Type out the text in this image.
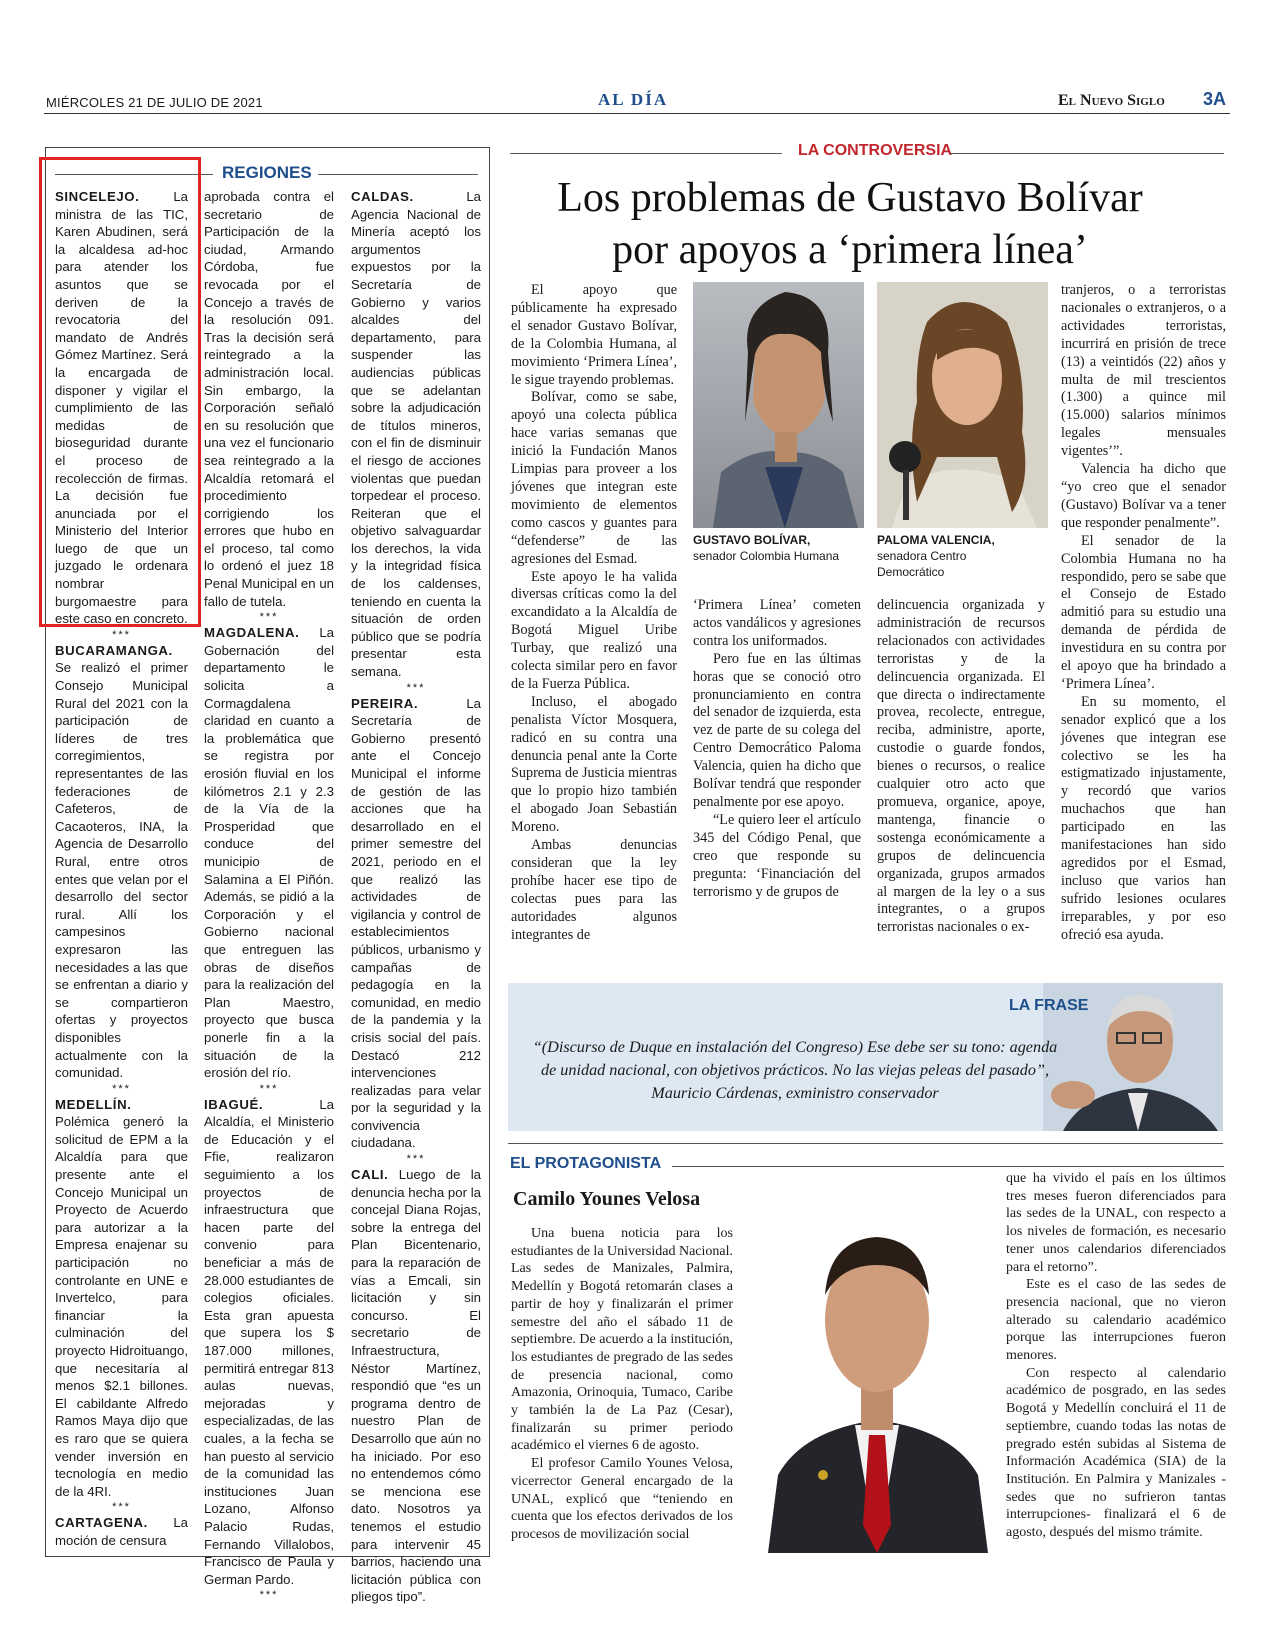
MIÉRCOLES 21 DE JULIO DE 2021	AL DÍA	El Nuevo Siglo 3A
REGIONES

SINCELEJO. La ministra de las TIC, Karen Abudinen, será la alcaldesa ad-hoc para atender los asuntos que se deriven de la revocatoria del mandato de Andrés Gómez Martínez. Será la encargada de disponer y vigilar el cumplimiento de las medidas de bioseguridad durante el proceso de recolección de firmas. La decisión fue anunciada por el Ministerio del Interior luego de que un juzgado le ordenara nombrar burgomaestre para este caso en concreto.

***

BUCARAMANGA. Se realizó el primer Consejo Municipal Rural del 2021 con la participación de líderes de tres corregimientos, representantes de las federaciones de Cafeteros, de Cacaoteros, INA, la Agencia de Desarrollo Rural, entre otros entes que velan por el desarrollo del sector rural. Allí los campesinos expresaron las necesidades a las que se enfrentan a diario y se compartieron ofertas y proyectos disponibles actualmente con la comunidad.

***

MEDELLÍN. Polémica generó la solicitud de EPM a la Alcaldía para que presente ante el Concejo Municipal un Proyecto de Acuerdo para autorizar a la Empresa enajenar su participación no controlante en UNE e Invertelco, para financiar la culminación del proyecto Hidroituango, que necesitaría al menos $2.1 billones. El cabildante Alfredo Ramos Maya dijo que es raro que se quiera vender inversión en tecnología en medio de la 4RI.

***

CARTAGENA. La moción de censura

aprobada contra el secretario de Participación de la ciudad, Armando Córdoba, fue revocada por el Concejo a través de la resolución 091. Tras la decisión será reintegrado a la administración local. Sin embargo, la Corporación señaló en su resolución que una vez el funcionario sea reintegrado a la Alcaldía retomará el procedimiento corrigiendo los errores que hubo en el proceso, tal como lo ordenó el juez 18 Penal Municipal en un fallo de tutela.

***

MAGDALENA. La Gobernación del departamento le solicita a Cormagdalena claridad en cuanto a la problemática que se registra por erosión fluvial en los kilómetros 2.1 y 2.3 de la Vía de la Prosperidad que conduce del municipio de Salamina a El Piñón. Además, se pidió a la Corporación y el Gobierno nacional que entreguen las obras de diseños para la realización del Plan Maestro, proyecto que busca ponerle fin a la situación de la erosión del río.

***

IBAGUÉ. La Alcaldía, el Ministerio de Educación y el Ffie, realizaron seguimiento a los proyectos de infraestructura que hacen parte del convenio para beneficiar a más de 28.000 estudiantes de colegios oficiales. Esta gran apuesta que supera los $ 187.000 millones, permitirá entregar 813 aulas nuevas, mejoradas y especializadas, de las cuales, a la fecha se han puesto al servicio de la comunidad las instituciones Juan Lozano, Alfonso Palacio Rudas, Fernando Villalobos, Francisco de Paula y German Pardo.

***

CALDAS. La Agencia Nacional de Minería aceptó los argumentos expuestos por la Secretaría de Gobierno y varios alcaldes del departamento, para suspender las audiencias públicas que se adelantan sobre la adjudicación de títulos mineros, con el fin de disminuir el riesgo de acciones violentas que puedan torpedear el proceso. Reiteran que el objetivo salvaguardar los derechos, la vida y la integridad física de los caldenses, teniendo en cuenta la situación de orden público que se podría presentar esta semana.

***

PEREIRA. La Secretaría de Gobierno presentó ante el Concejo Municipal el informe de gestión de las acciones que ha desarrollado en el primer semestre del 2021, periodo en el que realizó las actividades de vigilancia y control de establecimientos públicos, urbanismo y campañas de pedagogía en la comunidad, en medio de la pandemia y la crisis social del país. Destacó 212 intervenciones realizadas para velar por la seguridad y la convivencia ciudadana.

***

CALI. Luego de la denuncia hecha por la concejal Diana Rojas, sobre la entrega del Plan Bicentenario, para la reparación de vías a Emcali, sin licitación y sin concurso. El secretario de Infraestructura, Néstor Martínez, respondió que “es un programa dentro de nuestro Plan de Desarrollo que aún no ha iniciado. Por eso no entendemos cómo se menciona ese dato. Nosotros ya tenemos el estudio para intervenir 45 barrios, haciendo una licitación pública con pliegos tipo”.

LA CONTROVERSIA
Los problemas de Gustavo Bolívar
por apoyos a ‘primera línea’

El apoyo que públicamente ha expresado el senador Gustavo Bolívar, de la Colombia Humana, al movimiento ‘Primera Línea’, le sigue trayendo problemas.

Bolívar, como se sabe, apoyó una colecta pública hace varias semanas que inició la Fundación Manos Limpias para proveer a los jóvenes que integran este movimiento de elementos como cascos y guantes para “defenderse” de las agresiones del Esmad.

Este apoyo le ha valida diversas críticas como la del excandidato a la Alcaldía de Bogotá Miguel Uribe Turbay, que realizó una colecta similar pero en favor de la Fuerza Pública.

Incluso, el abogado penalista Víctor Mosquera, radicó en su contra una denuncia penal ante la Corte Suprema de Justicia mientras que lo propio hizo también el abogado Joan Sebastián Moreno.

Ambas denuncias consideran que la ley prohíbe hacer ese tipo de colectas pues para las autoridades algunos integrantes de

GUSTAVO BOLÍVAR,
senador Colombia Humana
PALOMA VALENCIA,
senadora Centro Democrático

‘Primera Línea’ cometen actos vandálicos y agresiones contra los uniformados.

Pero fue en las últimas horas que se conoció otro pronunciamiento en contra del senador de izquierda, esta vez de parte de su colega del Centro Democrático Paloma Valencia, quien ha dicho que Bolívar tendrá que responder penalmente por ese apoyo.

“Le quiero leer el artículo 345 del Código Penal, que creo que responde su pregunta: ‘Financiación del terrorismo y de grupos de

delincuencia organizada y administración de recursos relacionados con actividades terroristas y de la delincuencia organizada. El que directa o indirectamente provea, recolecte, entregue, reciba, administre, aporte, custodie o guarde fondos, bienes o recursos, o realice cualquier otro acto que promueva, organice, apoye, mantenga, financie o sostenga económicamente a grupos de delincuencia organizada, grupos armados al margen de la ley o a sus integrantes, o a grupos terroristas nacionales o ex-

tranjeros, o a terroristas nacionales o extranjeros, o a actividades terroristas, incurrirá en prisión de trece (13) a veintidós (22) años y multa de mil trescientos (1.300) a quince mil (15.000) salarios mínimos legales mensuales vigentes’”.

Valencia ha dicho que “yo creo que el senador (Gustavo) Bolívar va a tener que responder penalmente”.

El senador de la Colombia Humana no ha respondido, pero se sabe que el Consejo de Estado admitió para su estudio una demanda de pérdida de investidura en su contra por el apoyo que ha brindado a ‘Primera Línea’.

En su momento, el senador explicó que a los jóvenes que integran ese colectivo se les ha estigmatizado injustamente, y recordó que varios muchachos que han participado en las manifestaciones han sido agredidos por el Esmad, incluso que varios han sufrido lesiones oculares irreparables, y por eso ofreció esa ayuda.

LA FRASE
“(Discurso de Duque en instalación del Congreso) Ese debe ser su tono: agenda de unidad nacional, con objetivos prácticos. No las viejas peleas del pasado”, Mauricio Cárdenas, exministro conservador
EL PROTAGONISTA
Camilo Younes Velosa

Una buena noticia para los estudiantes de la Universidad Nacional. Las sedes de Manizales, Palmira, Medellín y Bogotá retomarán clases a partir de hoy y finalizarán el primer semestre del año el sábado 11 de septiembre. De acuerdo a la institución, los estudiantes de pregrado de las sedes de presencia nacional, como Amazonia, Orinoquia, Tumaco, Caribe y también la de La Paz (Cesar), finalizarán su primer periodo académico el viernes 6 de agosto.

El profesor Camilo Younes Velosa, vicerrector General encargado de la UNAL, explicó que “teniendo en cuenta que los efectos derivados de los procesos de movilización social

que ha vivido el país en los últimos tres meses fueron diferenciados para las sedes de la UNAL, con respecto a los niveles de formación, es necesario tener unos calendarios diferenciados para el retorno”.

Este es el caso de las sedes de presencia nacional, que no vieron alterado su calendario académico porque las interrupciones fueron menores.

Con respecto al calendario académico de posgrado, en las sedes Bogotá y Medellín concluirá el 11 de septiembre, cuando todas las notas de pregrado estén subidas al Sistema de Información Académica (SIA) de la Institución. En Palmira y Manizales -sedes que no sufrieron tantas interrupciones- finalizará el 6 de agosto, después del mismo trámite.
